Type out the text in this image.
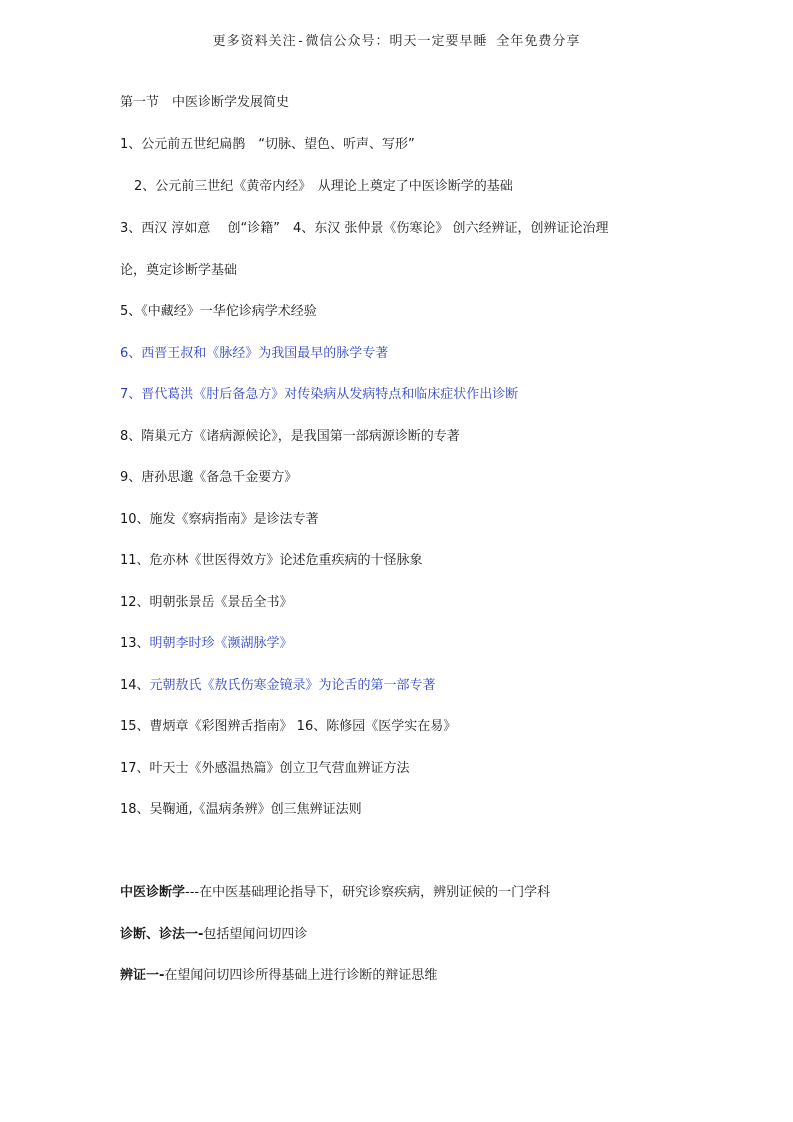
更多资料关注-微信公众号：明天一定要早睡 全年免费分享
第一节　中医诊断学发展简史
1、公元前五世纪扁鹊　“切脉、望色、听声、写形”
2、公元前三世纪《黄帝内经》　从理论上奠定了中医诊断学的基础
3、西汉 淳如意　 创“诊籍”　4、东汉 张仲景《伤寒论》 创六经辨证，创辨证论治理
论，奠定诊断学基础
5、《中藏经》一华佗诊病学术经验
6、西晋王叔和《脉经》为我国最早的脉学专著
7、晋代葛洪《肘后备急方》对传染病从发病特点和临床症状作出诊断
8、隋巢元方《诸病源候论》，是我国第一部病源诊断的专著
9、唐孙思邈《备急千金要方》
10、施发《察病指南》是诊法专著
11、危亦林《世医得效方》论述危重疾病的十怪脉象
12、明朝张景岳《景岳全书》
13、明朝李时珍《濒湖脉学》
14、元朝敖氏《敖氏伤寒金镜录》为论舌的第一部专著
15、曹炳章《彩图辨舌指南》 16、陈修园《医学实在易》
17、叶天士《外感温热篇》创立卫气营血辨证方法
18、吴鞠通,《温病条辨》创三焦辨证法则
中医诊断学---在中医基础理论指导下，研究诊察疾病，辨别证候的一门学科
诊断、诊法一-包括望闻问切四诊
辨证一-在望闻问切四诊所得基础上进行诊断的辩证思维
